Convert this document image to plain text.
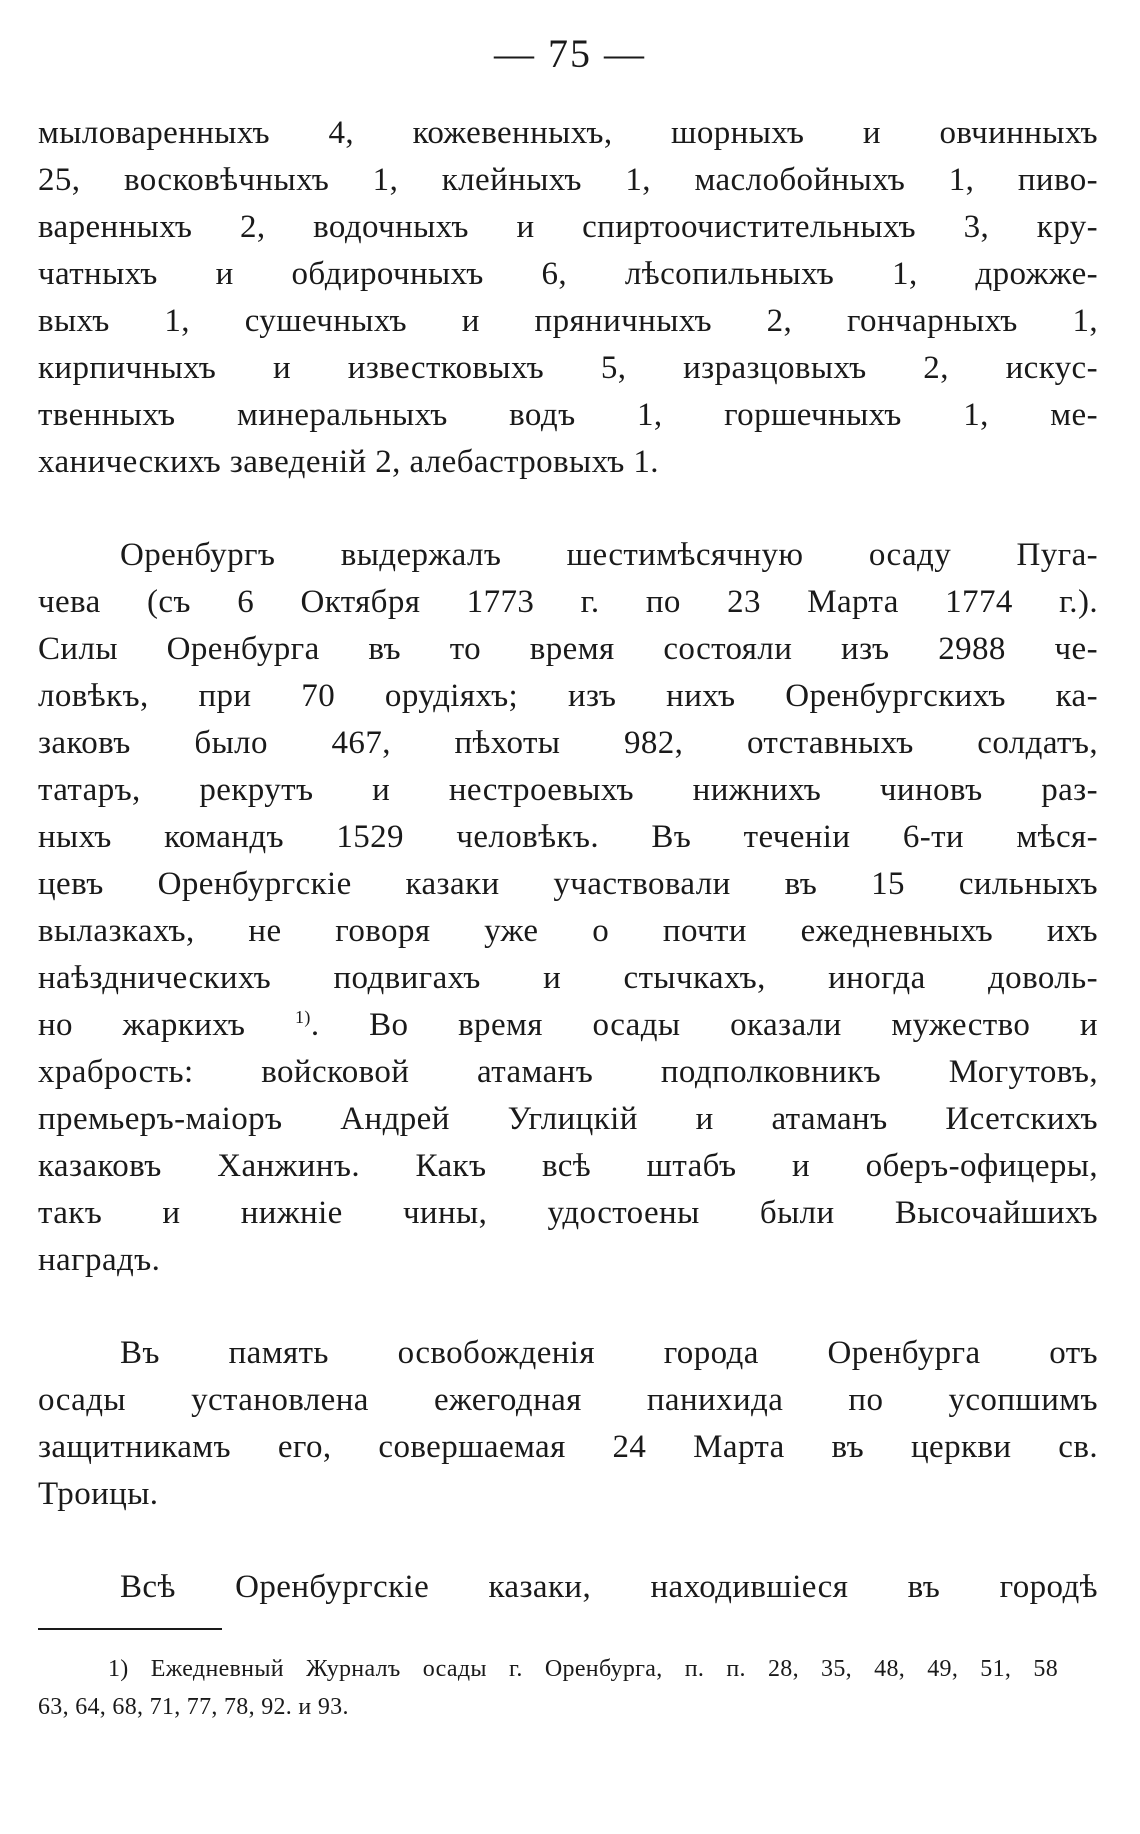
— 75 —

мыловаренныхъ 4, кожевенныхъ, шорныхъ и овчинныхъ
25, восковѣчныхъ 1, клейныхъ 1, маслобойныхъ 1, пиво-
варенныхъ 2, водочныхъ и спиртоочистительныхъ 3, кру-
чатныхъ и обдирочныхъ 6, лѣсопильныхъ 1, дрожже-
выхъ 1, сушечныхъ и пряничныхъ 2, гончарныхъ 1,
кирпичныхъ и известковыхъ 5, изразцовыхъ 2, искус-
твенныхъ минеральныхъ водъ 1, горшечныхъ 1, ме-
ханическихъ заведеній 2, алебастровыхъ 1.

Оренбургъ выдержалъ шестимѣсячную осаду Пуга-
чева (съ 6 Октября 1773 г. по 23 Марта 1774 г.).
Силы Оренбурга въ то время состояли изъ 2988 че-
ловѣкъ, при 70 орудіяхъ; изъ нихъ Оренбургскихъ ка-
заковъ было 467, пѣхоты 982, отставныхъ солдатъ,
татаръ, рекрутъ и нестроевыхъ нижнихъ чиновъ раз-
ныхъ командъ 1529 человѣкъ. Въ теченіи 6-ти мѣся-
цевъ Оренбургскіе казаки участвовали въ 15 сильныхъ
вылазкахъ, не говоря уже о почти ежедневныхъ ихъ
наѣздническихъ подвигахъ и стычкахъ, иногда доволь-
но жаркихъ	$^{1)}$. Во время осады оказали мужество и
храбрость: войсковой атаманъ подполковникъ Могутовъ,
премьеръ-маіоръ Андрей Углицкій и атаманъ Исетскихъ
казаковъ Ханжинъ. Какъ всѣ штабъ и оберъ-офицеры,
такъ и нижніе чины, удостоены были Высочайшихъ
наградъ.

Въ память освобожденія города Оренбурга отъ
осады установлена ежегодная панихида по усопшимъ
защитникамъ его, совершаемая 24 Марта въ церкви св.
Троицы.

Всѣ Оренбургскіе казаки, находившіеся въ городѣ

1) Ежедневный Журналъ осады г. Оренбурга, п. п. 28, 35, 48, 49, 51, 58
63, 64, 68, 71, 77, 78, 92. и 93.
